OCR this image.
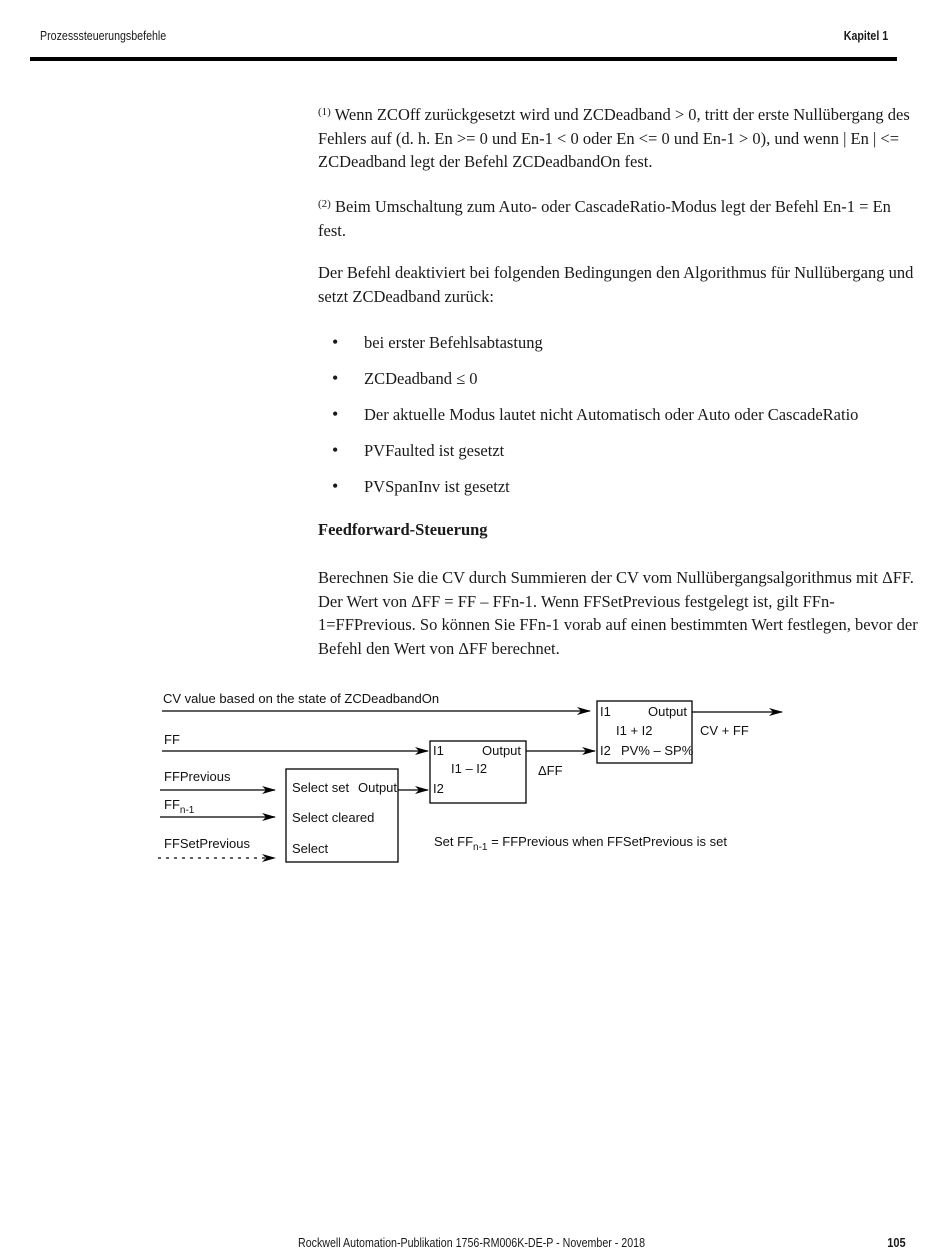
Prozesssteuerungsbefehle	Kapitel 1

$^{(1)}$ Wenn ZCOff zurückgesetzt wird und ZCDeadband > 0, tritt der erste Nullübergang des Fehlers auf (d. h. En >= 0 und En-1 < 0 oder En <= 0 und En-1 > 0), und wenn | En | <= ZCDeadband legt der Befehl ZCDeadbandOn fest.

$^{(2)}$ Beim Umschaltung zum Auto- oder CascadeRatio-Modus legt der Befehl En-1 = En fest.

Der Befehl deaktiviert bei folgenden Bedingungen den Algorithmus für Nullübergang und setzt ZCDeadband zurück:

• bei erster Befehlsabtastung
• ZCDeadband ≤ 0
• Der aktuelle Modus lautet nicht Automatisch oder Auto oder CascadeRatio
• PVFaulted ist gesetzt
• PVSpanInv ist gesetzt
Feedforward-Steuerung

Berechnen Sie die CV durch Summieren der CV vom Nullübergangsalgorithmus mit ΔFF. Der Wert von ΔFF = FF – FFn-1. Wenn FFSetPrevious festgelegt ist, gilt FFn-1=FFPrevious. So können Sie FFn-1 vorab auf einen bestimmten Wert festlegen, bevor der Befehl den Wert von ΔFF berechnet.

CV value based on the state of ZCDeadbandOn
FF
FFPrevious
$FF_{n-1}$
FFSetPrevious
Select set Output
Select cleared
Select
I1	Output
I1 – I2
I2
ΔFF
I1	Output
I1 + I2
I2 PV% – SP%
CV + FF
Set $FF_{n-1}$ = FFPrevious when FFSetPrevious is set
Rockwell Automation-Publikation 1756-RM006K-DE-P - November - 2018	105
